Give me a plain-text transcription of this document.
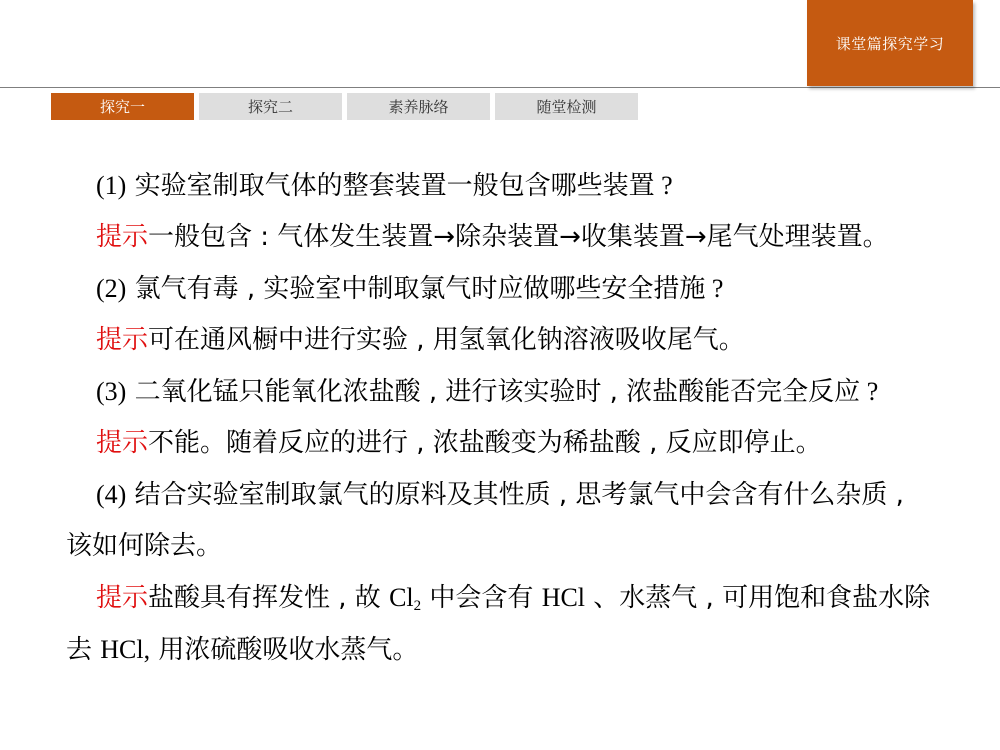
课堂篇探究学习
探究一	探究二	素养脉络	随堂检测

(1) 实验室制取气体的整套装置一般包含哪些装置 ?

提示一般包含 : 气体发生装置→除杂装置→收集装置→尾气处理装置。

(2) 氯气有毒 , 实验室中制取氯气时应做哪些安全措施 ?

提示可在通风橱中进行实验 , 用氢氧化钠溶液吸收尾气。

(3) 二氧化锰只能氧化浓盐酸 , 进行该实验时 , 浓盐酸能否完全反应 ?

提示不能。随着反应的进行 , 浓盐酸变为稀盐酸 , 反应即停止。

(4) 结合实验室制取氯气的原料及其性质 , 思考氯气中会含有什么杂质 , 该如何除去。

提示盐酸具有挥发性 , 故 $Cl_2$ 中会含有 HCl 、水蒸气 , 可用饱和食盐水除去 HCl, 用浓硫酸吸收水蒸气。
